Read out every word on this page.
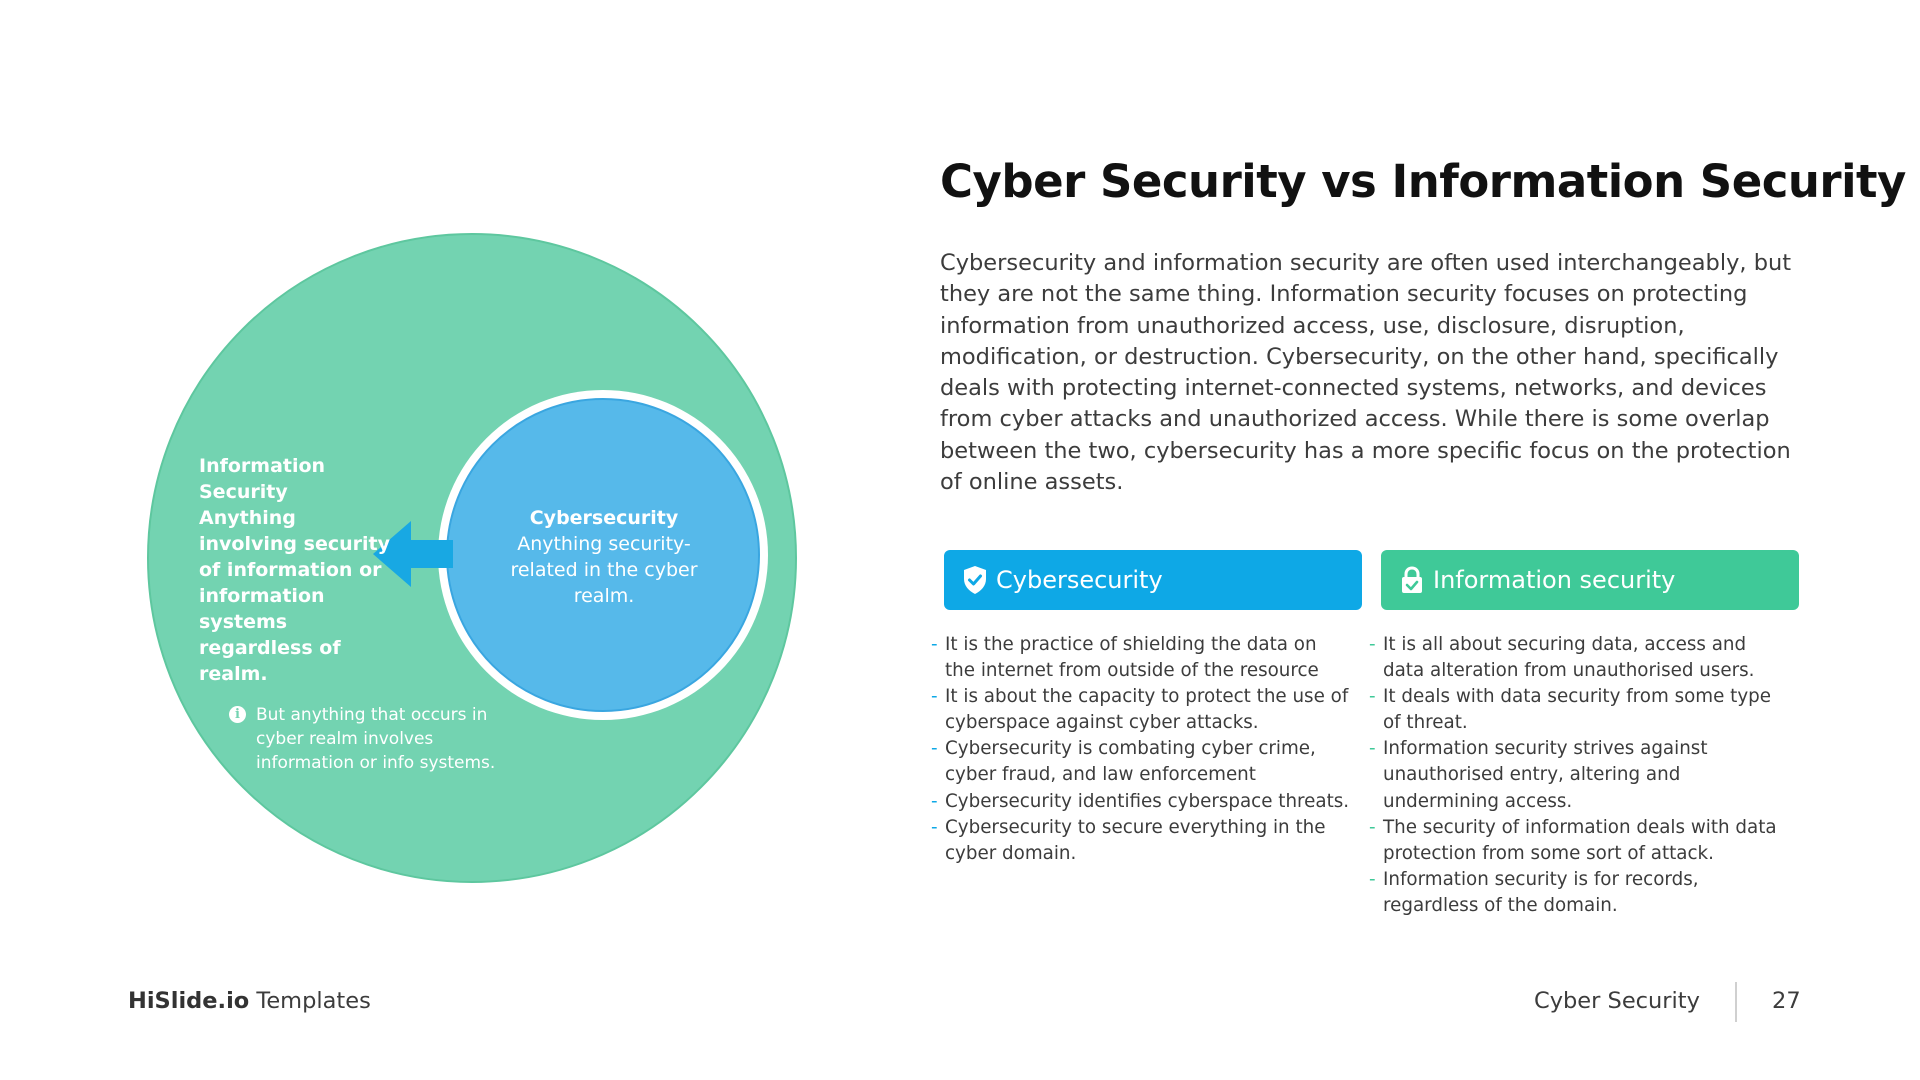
Information Security
Anything involving security of information or information systems regardless of realm.
Cybersecurity
Anything security-related in the cyber realm.
i But anything that occurs in cyber realm involves information or info systems.
Cyber Security vs Information Security
Cybersecurity and information security are often used interchangeably, but they are not the same thing. Information security focuses on protecting information from unauthorized access, use, disclosure, disruption, modification, or destruction. Cybersecurity, on the other hand, specifically deals with protecting internet-connected systems, networks, and devices from cyber attacks and unauthorized access. While there is some overlap between the two, cybersecurity has a more specific focus on the protection of online assets.
Cybersecurity	Information security
- It is the practice of shielding the data on the internet from outside of the resource
- It is about the capacity to protect the use of cyberspace against cyber attacks.
- Cybersecurity is combating cyber crime, cyber fraud, and law enforcement
- Cybersecurity identifies cyberspace threats.
- Cybersecurity to secure everything in the cyber domain.
- It is all about securing data, access and data alteration from unauthorised users.
- It deals with data security from some type of threat.
- Information security strives against unauthorised entry, altering and undermining access.
- The security of information deals with data protection from some sort of attack.
- Information security is for records, regardless of the domain.
HiSlide.io Templates	Cyber Security	27
